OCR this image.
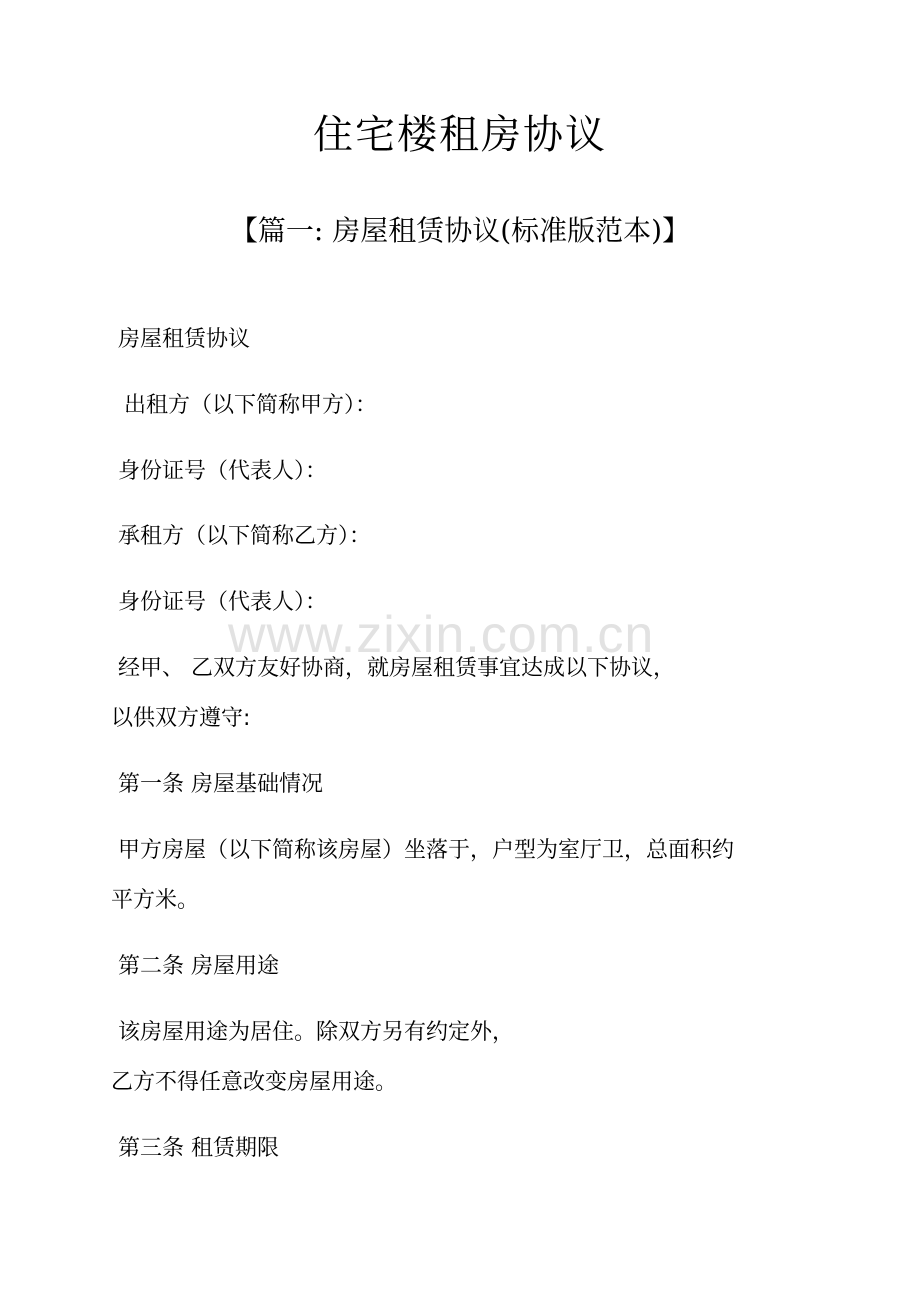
住宅楼租房协议
【篇一: 房屋租赁协议(标准版范本)】

房屋租赁协议

出租方（以下简称甲方）：

身份证号（代表人）：

承租方（以下简称乙方）：

身份证号（代表人）：

经甲、 乙双方友好协商，就房屋租赁事宜达成以下协议，

以供双方遵守:

第一条 房屋基础情况

甲方房屋（以下简称该房屋）坐落于，户型为室厅卫，总面积约

平方米。

第二条 房屋用途

该房屋用途为居住。除双方另有约定外，

乙方不得任意改变房屋用途。

第三条 租赁期限

www.zixin.com.cn
